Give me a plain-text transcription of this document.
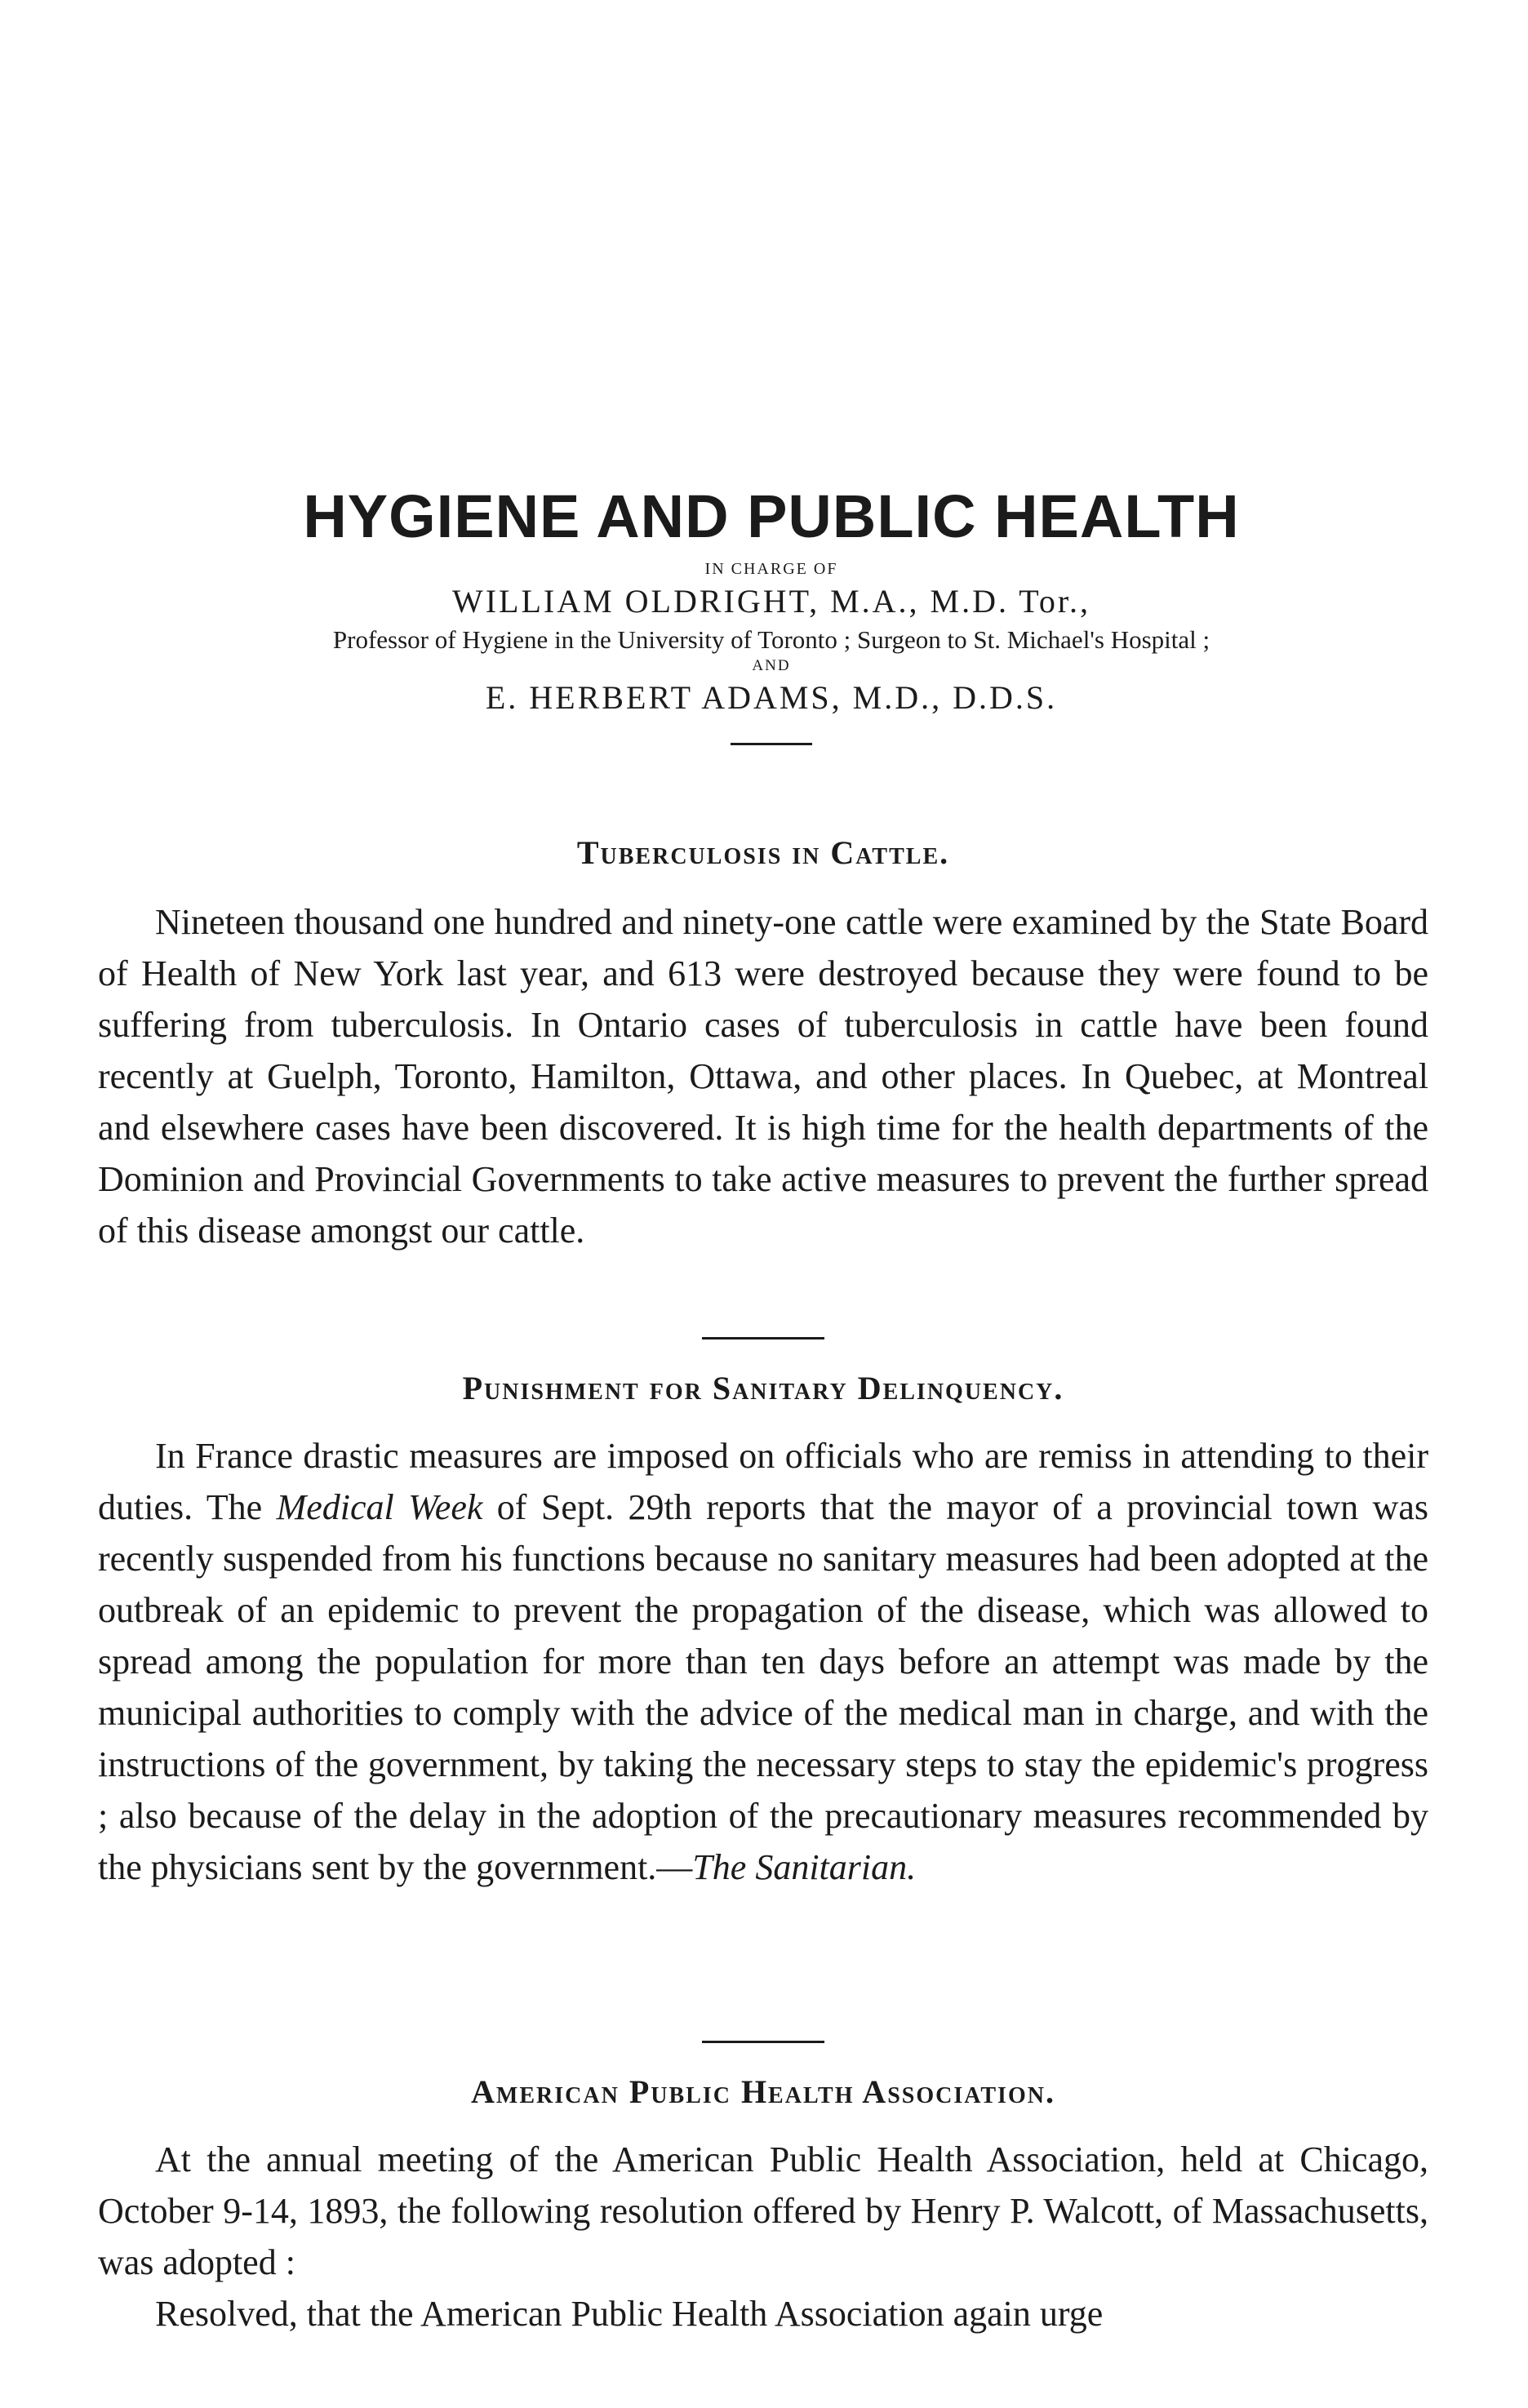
HYGIENE AND PUBLIC HEALTH
IN CHARGE OF
WILLIAM OLDRIGHT, M.A., M.D. Tor.,
Professor of Hygiene in the University of Toronto ; Surgeon to St. Michael's Hospital ;
AND
E. HERBERT ADAMS, M.D., D.D.S.
Tuberculosis in Cattle.

Nineteen thousand one hundred and ninety-one cattle were examined by the State Board of Health of New York last year, and 613 were destroyed because they were found to be suffering from tuberculosis. In Ontario cases of tuberculosis in cattle have been found recently at Guelph, Toronto, Hamilton, Ottawa, and other places. In Quebec, at Montreal and elsewhere cases have been discovered. It is high time for the health departments of the Dominion and Provincial Governments to take active measures to prevent the further spread of this disease amongst our cattle.

Punishment for Sanitary Delinquency.

In France drastic measures are imposed on officials who are remiss in attending to their duties. The Medical Week of Sept. 29th reports that the mayor of a provincial town was recently suspended from his functions because no sanitary measures had been adopted at the outbreak of an epidemic to prevent the propagation of the disease, which was allowed to spread among the population for more than ten days before an attempt was made by the municipal authorities to comply with the advice of the medical man in charge, and with the instructions of the government, by taking the necessary steps to stay the epidemic's progress ; also because of the delay in the adoption of the precautionary measures recommended by the physicians sent by the government.—The Sanitarian.

American Public Health Association.

At the annual meeting of the American Public Health Association, held at Chicago, October 9-14, 1893, the following resolution offered by Henry P. Walcott, of Massachusetts, was adopted :

Resolved, that the American Public Health Association again urge
